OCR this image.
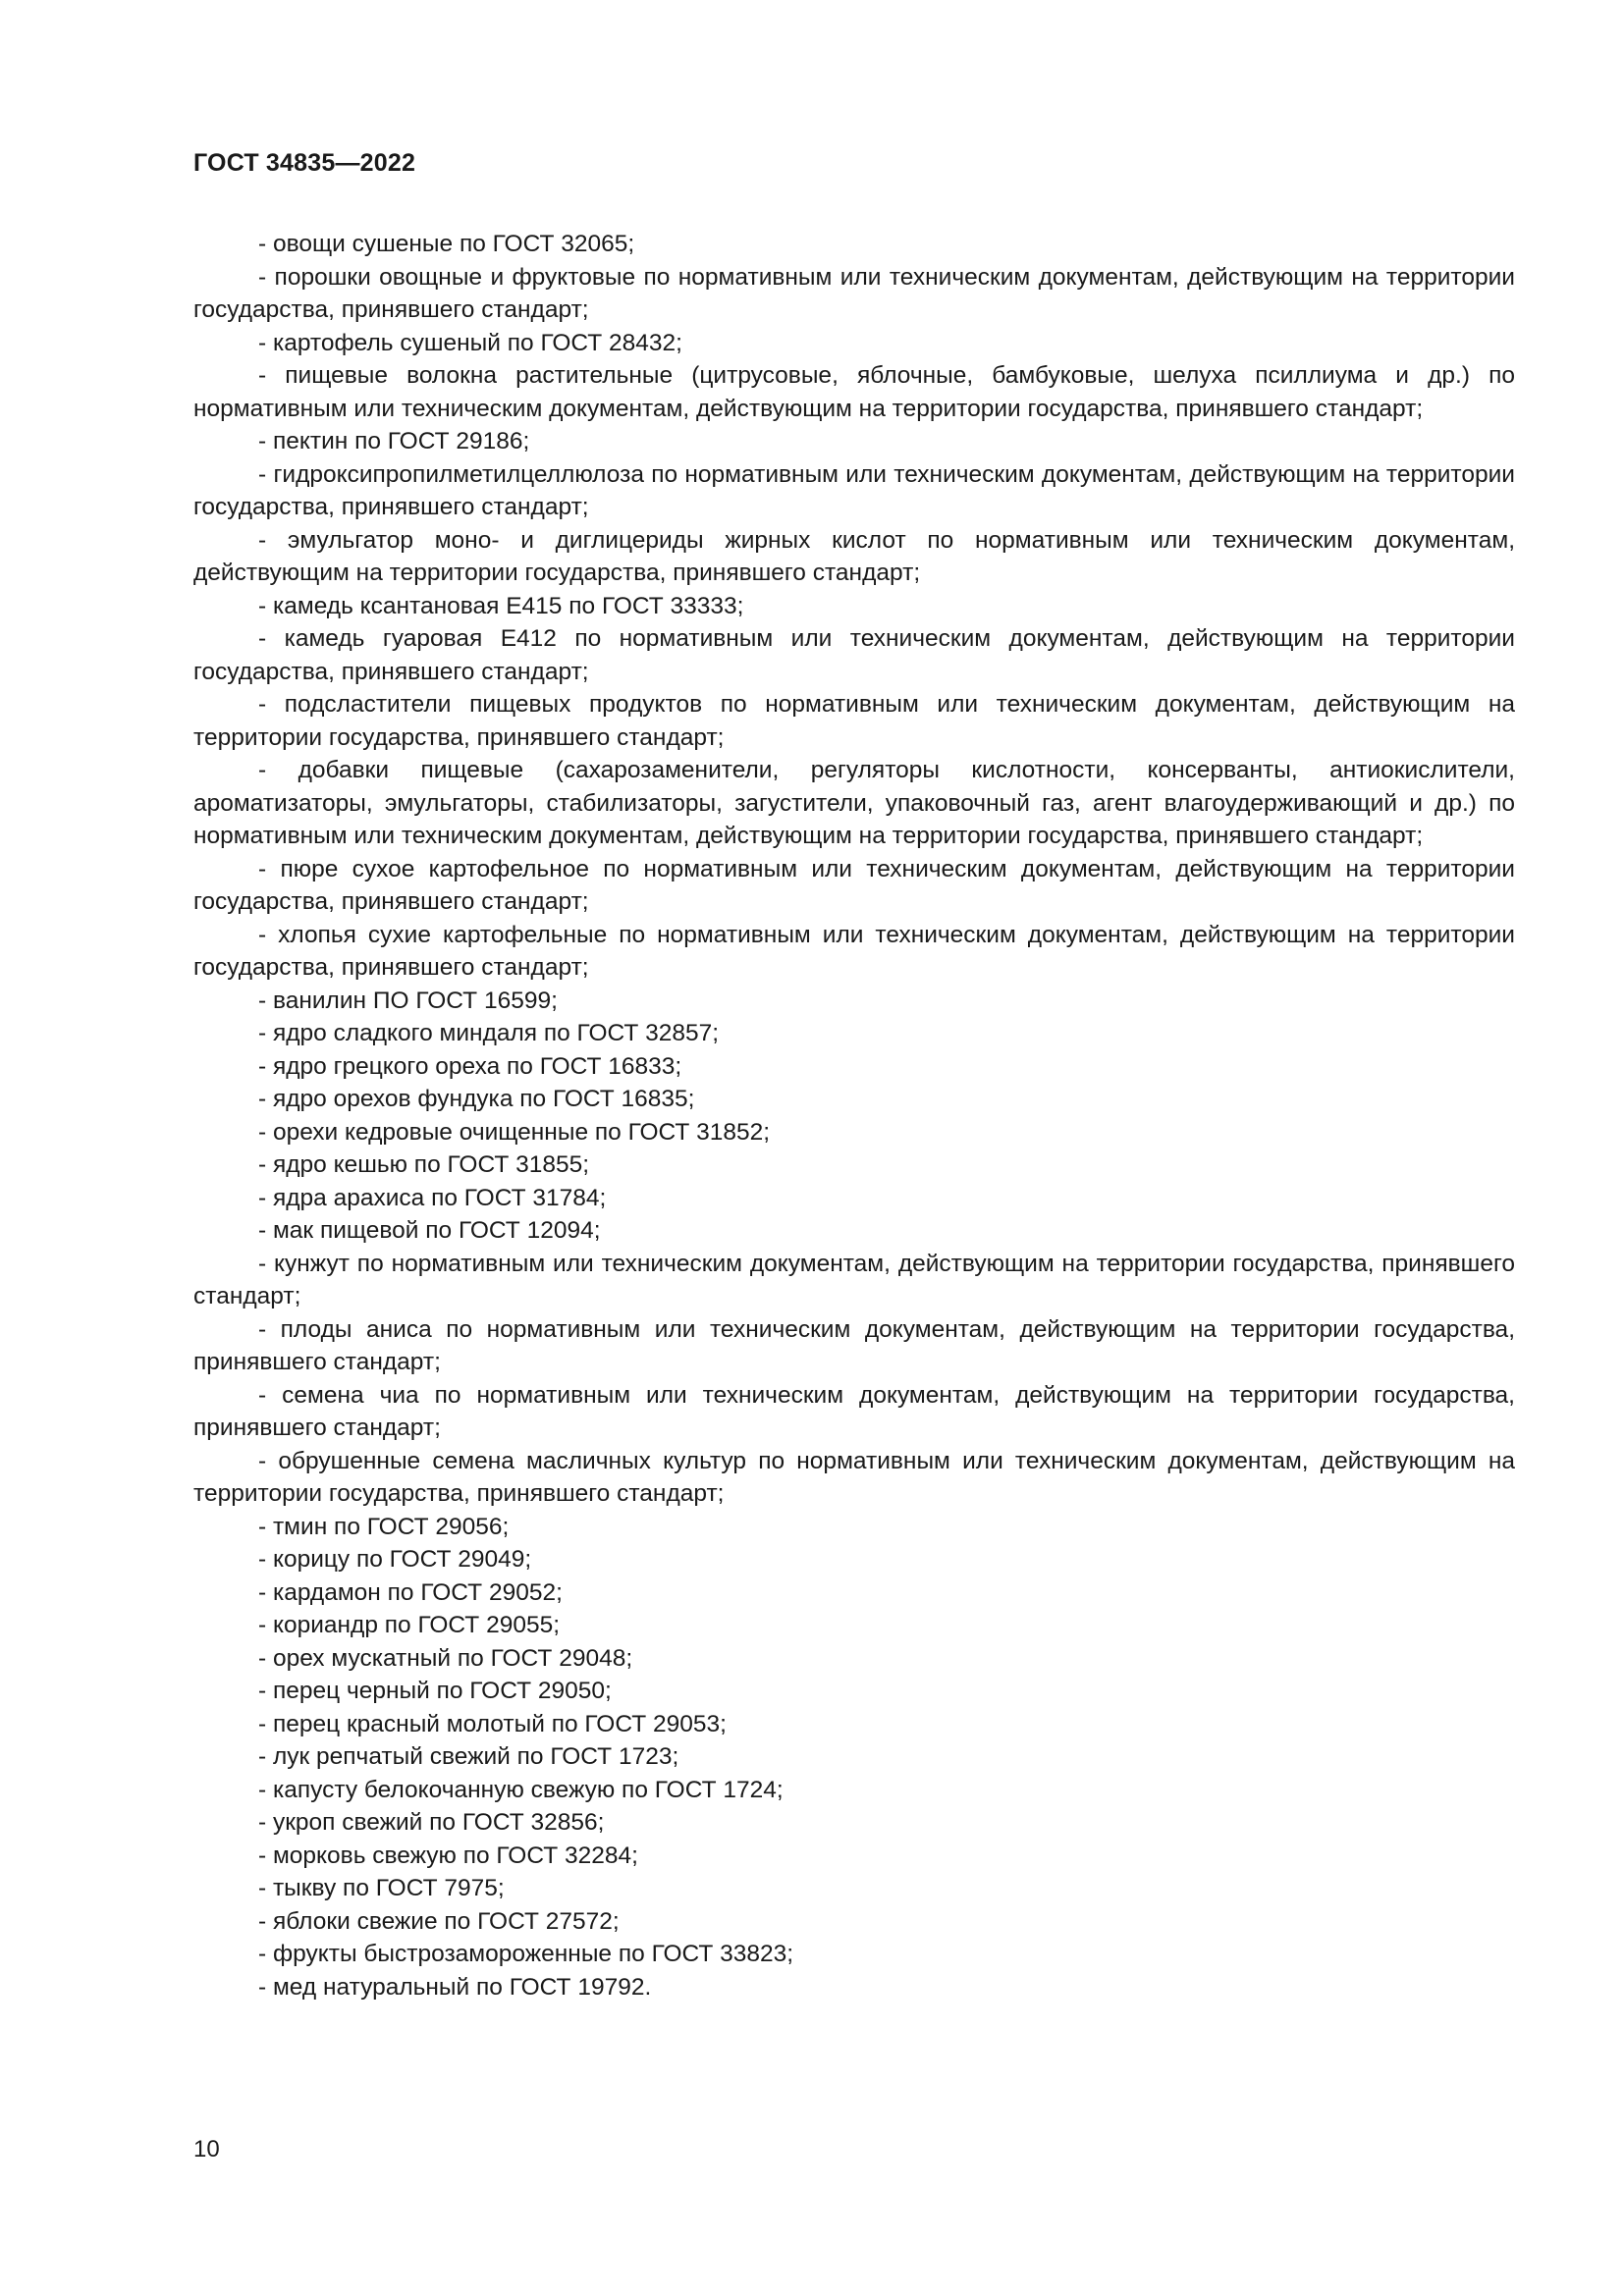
ГОСТ 34835—2022

- овощи сушеные по ГОСТ 32065;

- порошки овощные и фруктовые по нормативным или техническим документам, действующим на территории государства, принявшего стандарт;

- картофель сушеный по ГОСТ 28432;

- пищевые волокна растительные (цитрусовые, яблочные, бамбуковые, шелуха псиллиума и др.) по нормативным или техническим документам, действующим на территории государства, принявшего стандарт;

- пектин по ГОСТ 29186;

- гидроксипропилметилцеллюлоза по нормативным или техническим документам, действующим на территории государства, принявшего стандарт;

- эмульгатор моно- и диглицериды жирных кислот по нормативным или техническим документам, действующим на территории государства, принявшего стандарт;

- камедь ксантановая Е415 по ГОСТ 33333;

- камедь гуаровая Е412 по нормативным или техническим документам, действующим на территории государства, принявшего стандарт;

- подсластители пищевых продуктов по нормативным или техническим документам, действующим на территории государства, принявшего стандарт;

- добавки пищевые (сахарозаменители, регуляторы кислотности, консерванты, антиокислители, ароматизаторы, эмульгаторы, стабилизаторы, загустители, упаковочный газ, агент влагоудерживающий и др.) по нормативным или техническим документам, действующим на территории государства, принявшего стандарт;

- пюре сухое картофельное по нормативным или техническим документам, действующим на территории государства, принявшего стандарт;

- хлопья сухие картофельные по нормативным или техническим документам, действующим на территории государства, принявшего стандарт;

- ванилин ПО ГОСТ 16599;

- ядро сладкого миндаля по ГОСТ 32857;

- ядро грецкого ореха по ГОСТ 16833;

- ядро орехов фундука по ГОСТ 16835;

- орехи кедровые очищенные по ГОСТ 31852;

- ядро кешью по ГОСТ 31855;

- ядра арахиса по ГОСТ 31784;

- мак пищевой по ГОСТ 12094;

- кунжут по нормативным или техническим документам, действующим на территории государства, принявшего стандарт;

- плоды аниса по нормативным или техническим документам, действующим на территории государства, принявшего стандарт;

- семена чиа по нормативным или техническим документам, действующим на территории государства, принявшего стандарт;

- обрушенные семена масличных культур по нормативным или техническим документам, действующим на территории государства, принявшего стандарт;

- тмин по ГОСТ 29056;

- корицу по ГОСТ 29049;

- кардамон по ГОСТ 29052;

- кориандр по ГОСТ 29055;

- орех мускатный по ГОСТ 29048;

- перец черный по ГОСТ 29050;

- перец красный молотый по ГОСТ 29053;

- лук репчатый свежий по ГОСТ 1723;

- капусту белокочанную свежую по ГОСТ 1724;

- укроп свежий по ГОСТ 32856;

- морковь свежую по ГОСТ 32284;

- тыкву по ГОСТ 7975;

- яблоки свежие по ГОСТ 27572;

- фрукты быстрозамороженные по ГОСТ 33823;

- мед натуральный по ГОСТ 19792.

10
